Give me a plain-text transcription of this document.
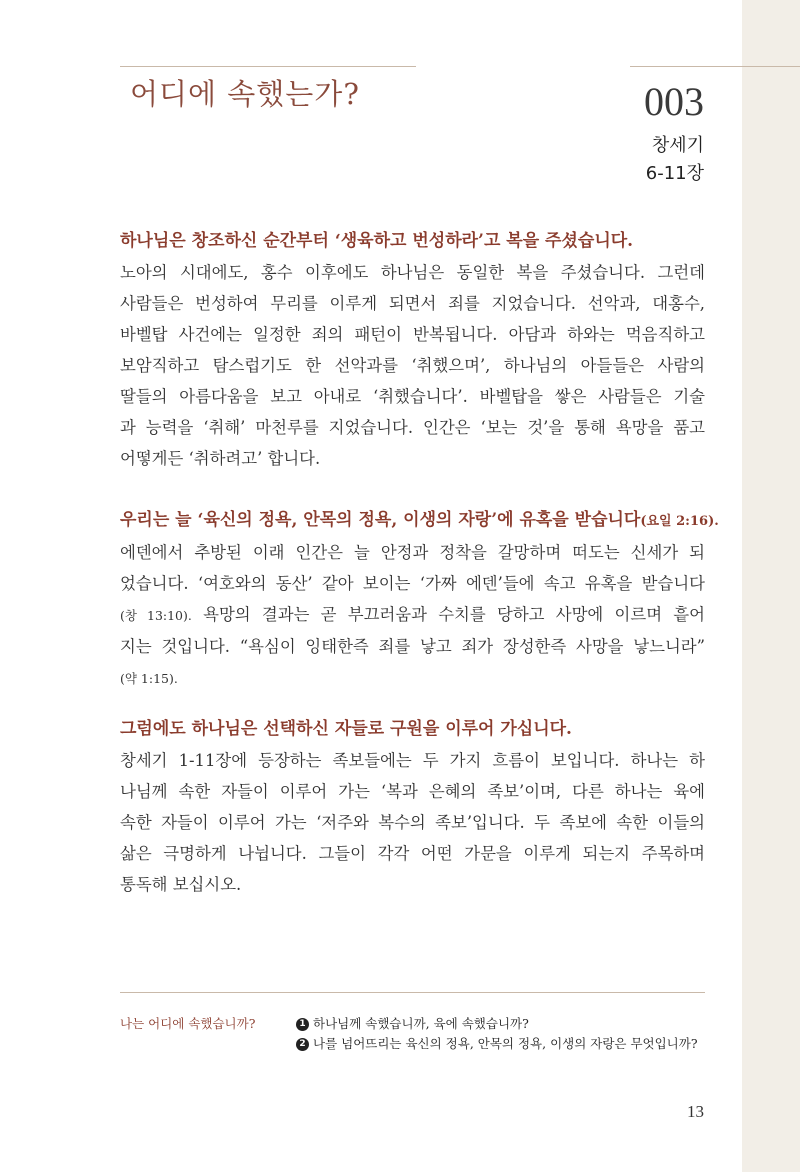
어디에 속했는가?	003
창세기
6-11장
하나님은 창조하신 순간부터 ‘생육하고 번성하라’고 복을 주셨습니다.
노아의 시대에도, 홍수 이후에도 하나님은 동일한 복을 주셨습니다. 그런데
사람들은 번성하여 무리를 이루게 되면서 죄를 지었습니다. 선악과, 대홍수,
바벨탑 사건에는 일정한 죄의 패턴이 반복됩니다. 아담과 하와는 먹음직하고
보암직하고 탐스럽기도 한 선악과를 ‘취했으며’, 하나님의 아들들은 사람의
딸들의 아름다움을 보고 아내로 ‘취했습니다’. 바벨탑을 쌓은 사람들은 기술
과 능력을 ‘취해’ 마천루를 지었습니다. 인간은 ‘보는 것’을 통해 욕망을 품고
어떻게든 ‘취하려고’ 합니다.
우리는 늘 ‘육신의 정욕, 안목의 정욕, 이생의 자랑’에 유혹을 받습니다(요일 2:16).
에덴에서 추방된 이래 인간은 늘 안정과 정착을 갈망하며 떠도는 신세가 되
었습니다. ‘여호와의 동산’ 같아 보이는 ‘가짜 에덴’들에 속고 유혹을 받습니다
(창 13:10). 욕망의 결과는 곧 부끄러움과 수치를 당하고 사망에 이르며 흩어
지는 것입니다. “욕심이 잉태한즉 죄를 낳고 죄가 장성한즉 사망을 낳느니라”
(약 1:15).
그럼에도 하나님은 선택하신 자들로 구원을 이루어 가십니다.
창세기 1-11장에 등장하는 족보들에는 두 가지 흐름이 보입니다. 하나는 하
나님께 속한 자들이 이루어 가는 ‘복과 은혜의 족보’이며, 다른 하나는 육에
속한 자들이 이루어 가는 ‘저주와 복수의 족보’입니다. 두 족보에 속한 이들의
삶은 극명하게 나뉩니다. 그들이 각각 어떤 가문을 이루게 되는지 주목하며
통독해 보십시오.
나는 어디에 속했습니까?	1 하나님께 속했습니까, 육에 속했습니까?
2 나를 넘어뜨리는 육신의 정욕, 안목의 정욕, 이생의 자랑은 무엇입니까?
13
